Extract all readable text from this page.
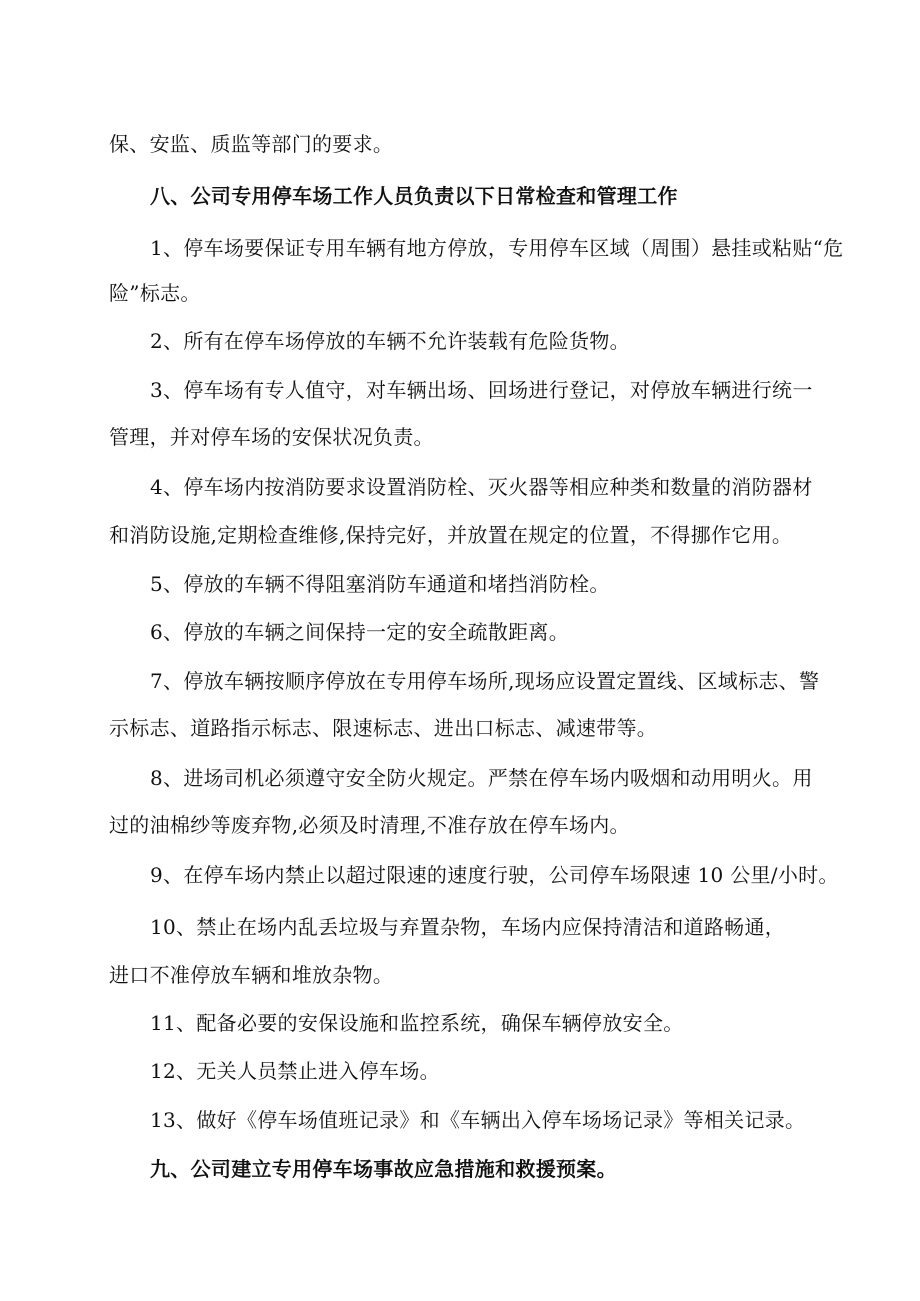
保、安监、质监等部门的要求。
八、公司专用停车场工作人员负责以下日常检查和管理工作
1、停车场要保证专用车辆有地方停放，专用停车区域（周围）悬挂或粘贴“危
险”标志。
2、所有在停车场停放的车辆不允许装载有危险货物。
3、停车场有专人值守，对车辆出场、回场进行登记，对停放车辆进行统一
管理，并对停车场的安保状况负责。
4、停车场内按消防要求设置消防栓、灭火器等相应种类和数量的消防器材
和消防设施,定期检查维修,保持完好，并放置在规定的位置，不得挪作它用。
5、停放的车辆不得阻塞消防车通道和堵挡消防栓。
6、停放的车辆之间保持一定的安全疏散距离。
7、停放车辆按顺序停放在专用停车场所,现场应设置定置线、区域标志、警
示标志、道路指示标志、限速标志、进出口标志、减速带等。
8、进场司机必须遵守安全防火规定。严禁在停车场内吸烟和动用明火。用
过的油棉纱等废弃物,必须及时清理,不准存放在停车场内。
9、在停车场内禁止以超过限速的速度行驶，公司停车场限速 10 公里/小时。
10、禁止在场内乱丢垃圾与弃置杂物，车场内应保持清洁和道路畅通，
进口不准停放车辆和堆放杂物。
11、配备必要的安保设施和监控系统，确保车辆停放安全。
12、无关人员禁止进入停车场。
13、做好《停车场值班记录》和《车辆出入停车场场记录》等相关记录。
九、公司建立专用停车场事故应急措施和救援预案。
